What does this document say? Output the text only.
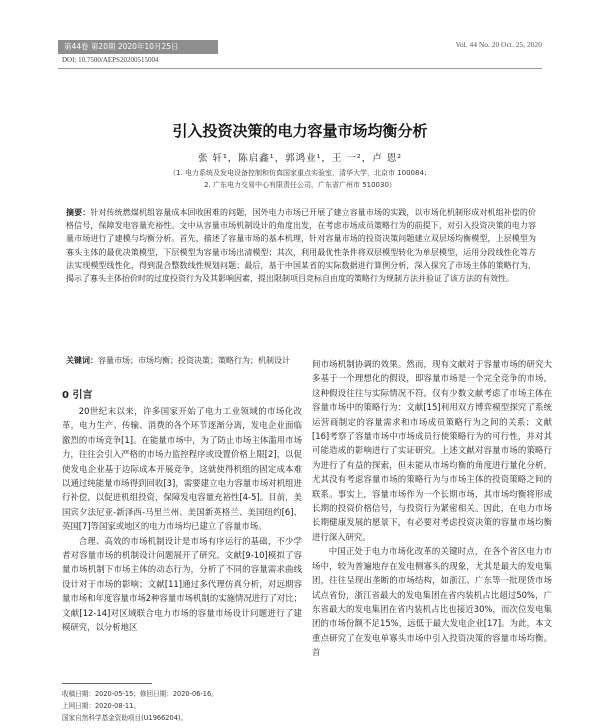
第44卷 第20期 2020年10月25日	Vol. 44 No. 20 Oct. 25, 2020
DOI: 10.7500/AEPS20200515004
引入投资决策的电力容量市场均衡分析
张 轩¹，陈启鑫¹，郭鸿业¹，王 一²，卢 恩²
（1. 电力系统及发电设备控制和仿真国家重点实验室，清华大学，北京市 100084；
2. 广东电力交易中心有限责任公司，广东省广州市 510030）
摘要：针对传统燃煤机组容量成本回收困难的问题，国外电力市场已开展了建立容量市场的实践，以市场化机制形成对机组补偿的价格信号，保障发电容量充裕性。文中从容量市场机制设计的角度出发，在考虑市场成员策略行为的前提下，对引入投资决策的电力容量市场进行了建模与均衡分析。首先，描述了容量市场的基本机理，针对容量市场的投资决策问题建立双层场均衡模型，上层模型为寡头主体的最优决策模型，下层模型为容量市场出清模型；其次，利用最优性条件将双层模型转化为单层模型，运用分段线性化等方法实现模型线性化，得到混合整数线性规划问题；最后，基于中国某省的实际数据进行算例分析，深入探究了市场主体的策略行为，揭示了寡头主体抬价时的过度投资行为及其影响因素，提出限制项目竞标自由度的策略行为规制方法并验证了该方法的有效性。
关键词：容量市场；市场均衡；投资决策；策略行为；机制设计
0 引言

20世纪末以来，许多国家开始了电力工业领域的市场化改革，电力生产、传输、消费的各个环节逐渐分离，发电企业面临激烈的市场竞争[1]。在能量市场中，为了防止市场主体滥用市场力，往往会引入严格的市场力监控程序或设置价格上限[2]，以促使发电企业基于边际成本开展竞争，这就使得机组的固定成本难以通过纯能量市场得到回收[3]，需要建立电力容量市场对机组进行补偿，以促进机组投资，保障发电容量充裕性[4-5]。目前，美国宾夕法尼亚-新泽西-马里兰州、美国新英格兰、美国纽约[6]、英国[7]等国家或地区的电力市场均已建立了容量市场。

合理、高效的市场机制设计是市场有序运行的基础，不少学者对容量市场的机制设计问题展开了研究。文献[9-10]模拟了容量市场机制下市场主体的动态行为，分析了不同的容量需求曲线设计对于市场的影响；文献[11]通过多代理仿真分析，对远期容量市场和年度容量市场2种容量市场机制的实施情况进行了对比；文献[12-14]对区域联合电力市场的容量市场设计问题进行了建模研究，以分析地区

间市场机制协调的效果。然而，现有文献对于容量市场的研究大多基于一个理想化的假设，即容量市场是一个完全竞争的市场，这种假设往往与实际情况不符。仅有少数文献考虑了市场主体在容量市场中的策略行为：文献[15]利用双方博弈模型探究了系统运营商制定的容量需求和市场成员策略行为之间的关系；文献[16]考察了容量市场中市场成员行使策略行为的可行性，并对其可能造成的影响进行了实证研究。上述文献对容量市场的策略行为进行了有益的探索，但未能从市场均衡的角度进行量化分析，尤其没有考虑容量市场的策略行为与市场主体的投资策略之间的联系。事实上，容量市场作为一个长期市场，其市场均衡将形成长期的投资价格信号，与投资行为紧密相关。因此，在电力市场长期健康发展的愿景下，有必要对考虑投资决策的容量市场均衡进行深入研究。

中国正处于电力市场化改革的关键时点，在各个省区电力市场中，较为普遍地存在发电侧寡头的现象，尤其是最大的发电集团，往往呈现出垄断的市场结构，如浙江、广东等一批现货市场试点省份，浙江省最大的发电集团在省内装机占比超过50%，广东省最大的发电集团在省内装机占比也接近30%，而次位发电集团的市场份额不足15%，远低于最大发电企业[17]。为此，本文重点研究了在发电单寡头市场中引入投资决策的容量市场均衡。首

收稿日期：2020-05-15；修回日期：2020-06-16。
上网日期：2020-08-11。
国家自然科学基金资助项目(U1966204)。
